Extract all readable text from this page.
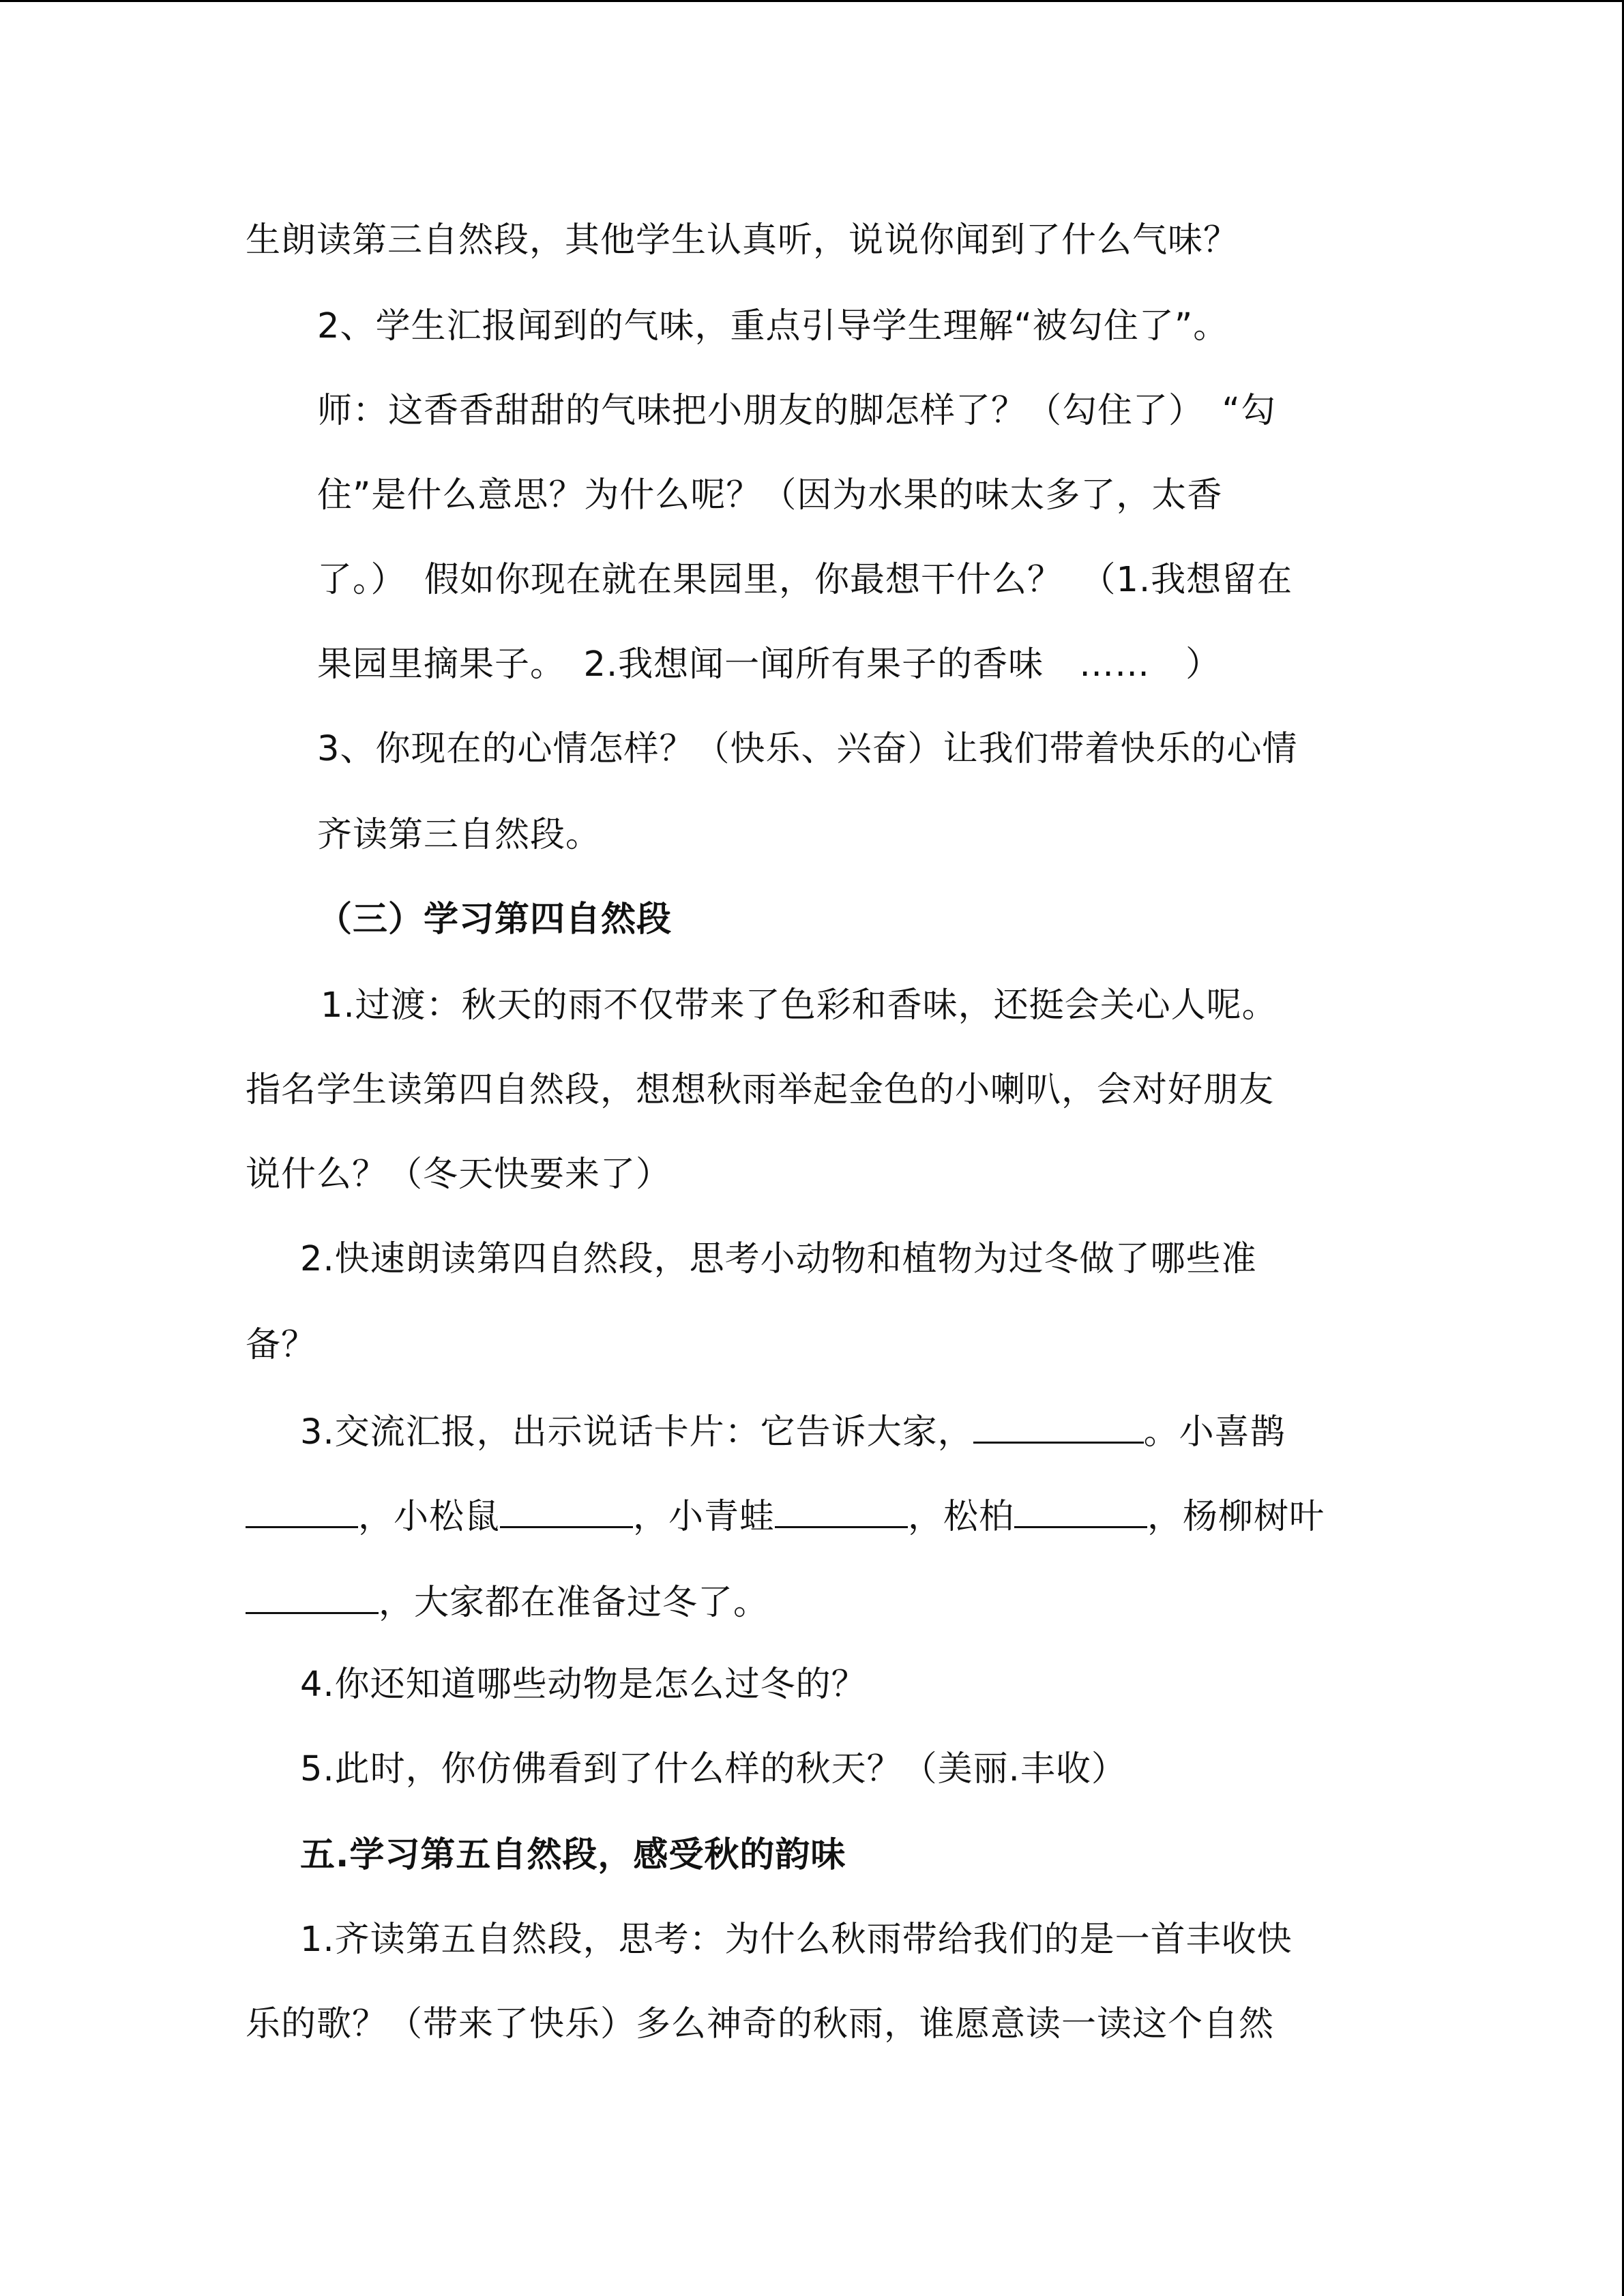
生朗读第三自然段，其他学生认真听，说说你闻到了什么气味？
2、学生汇报闻到的气味，重点引导学生理解“被勾住了”。
师：这香香甜甜的气味把小朋友的脚怎样了？（勾住了）　“勾
住”是什么意思？为什么呢？（因为水果的味太多了，太香
了。）　假如你现在就在果园里，你最想干什么？　（1.我想留在
果园里摘果子。　2.我想闻一闻所有果子的香味　……　）
3、你现在的心情怎样？（快乐、兴奋）让我们带着快乐的心情
齐读第三自然段。
（三）学习第四自然段
1.过渡：秋天的雨不仅带来了色彩和香味，还挺会关心人呢。
指名学生读第四自然段，想想秋雨举起金色的小喇叭，会对好朋友
说什么？（冬天快要来了）
2.快速朗读第四自然段，思考小动物和植物为过冬做了哪些准
备？
3.交流汇报，出示说话卡片：它告诉大家，	。小喜鹊
，小松鼠	，小青蛙	，松柏	，杨柳树叶
，大家都在准备过冬了。
4.你还知道哪些动物是怎么过冬的？
5.此时，你仿佛看到了什么样的秋天？（美丽.丰收）
五.学习第五自然段，感受秋的韵味
1.齐读第五自然段，思考：为什么秋雨带给我们的是一首丰收快
乐的歌？（带来了快乐）多么神奇的秋雨，谁愿意读一读这个自然
